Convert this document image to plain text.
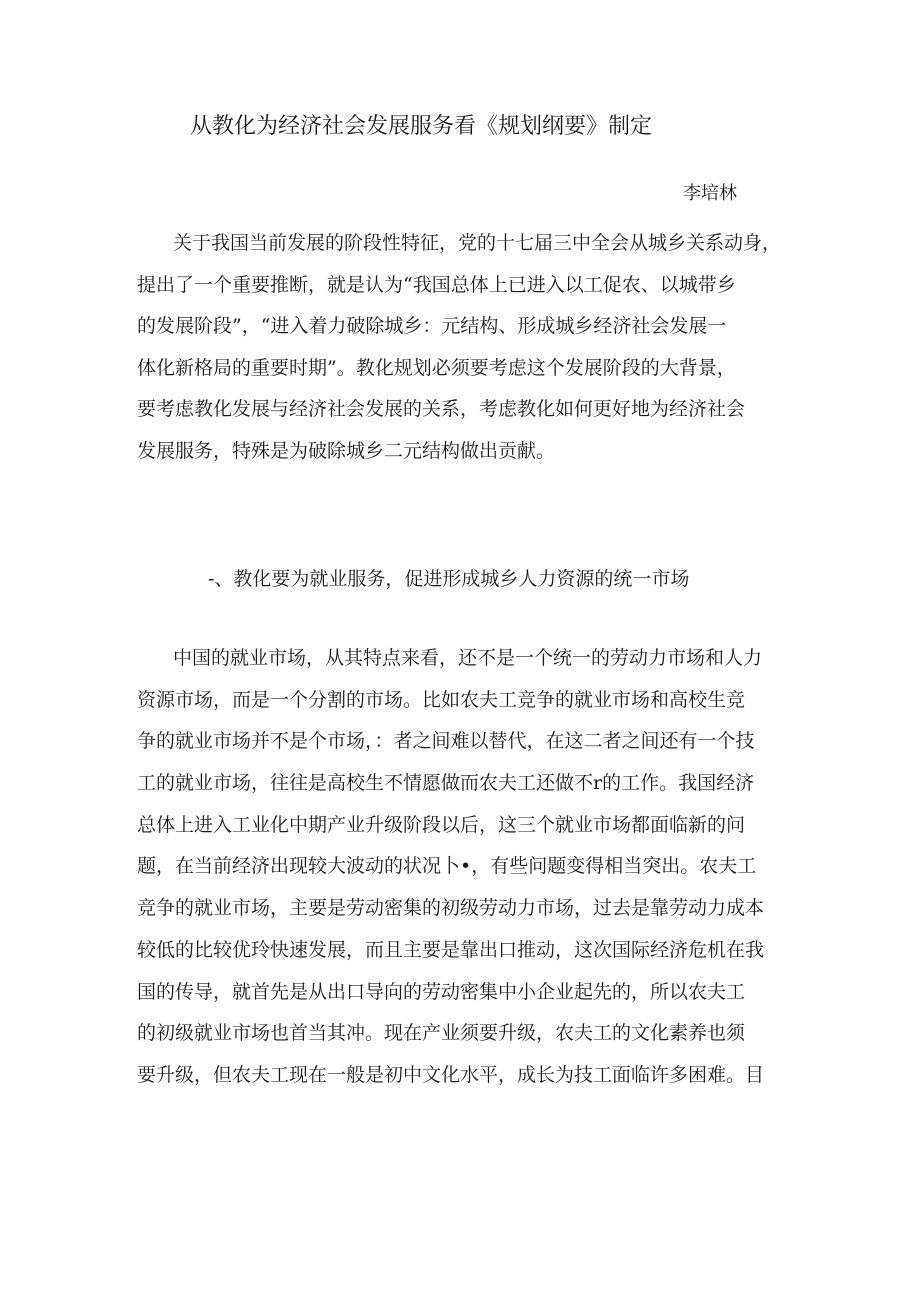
从教化为经济社会发展服务看《规划纲要》制定
李培林
关于我国当前发展的阶段性特征，党的十七届三中全会从城乡关系动身，
提出了一个重要推断，就是认为“我国总体上已进入以工促农、以城带乡
的发展阶段”，“进入着力破除城乡：元结构、形成城乡经济社会发展一
体化新格局的重要时期”。教化规划必须要考虑这个发展阶段的大背景，
要考虑教化发展与经济社会发展的关系，考虑教化如何更好地为经济社会
发展服务，特殊是为破除城乡二元结构做出贡献。
-、教化要为就业服务，促进形成城乡人力资源的统一市场
中国的就业市场，从其特点来看，还不是一个统一的劳动力市场和人力
资源市场，而是一个分割的市场。比如农夫工竞争的就业市场和高校生竞
争的就业市场并不是个市场，：者之间难以替代，在这二者之间还有一个技
工的就业市场，往往是高校生不情愿做而农夫工还做不r的工作。我国经济
总体上进入工业化中期产业升级阶段以后，这三个就业市场都面临新的问
题，在当前经济出现较大波动的状况卜•，有些问题变得相当突出。农夫工
竞争的就业市场，主要是劳动密集的初级劳动力市场，过去是靠劳动力成本
较低的比较优玲快速发展，而且主要是靠出口推动，这次国际经济危机在我
国的传导，就首先是从出口导向的劳动密集中小企业起先的，所以农夫工
的初级就业市场也首当其冲。现在产业须要升级，农夫工的文化素养也须
要升级，但农夫工现在一般是初中文化水平，成长为技工面临许多困难。目
